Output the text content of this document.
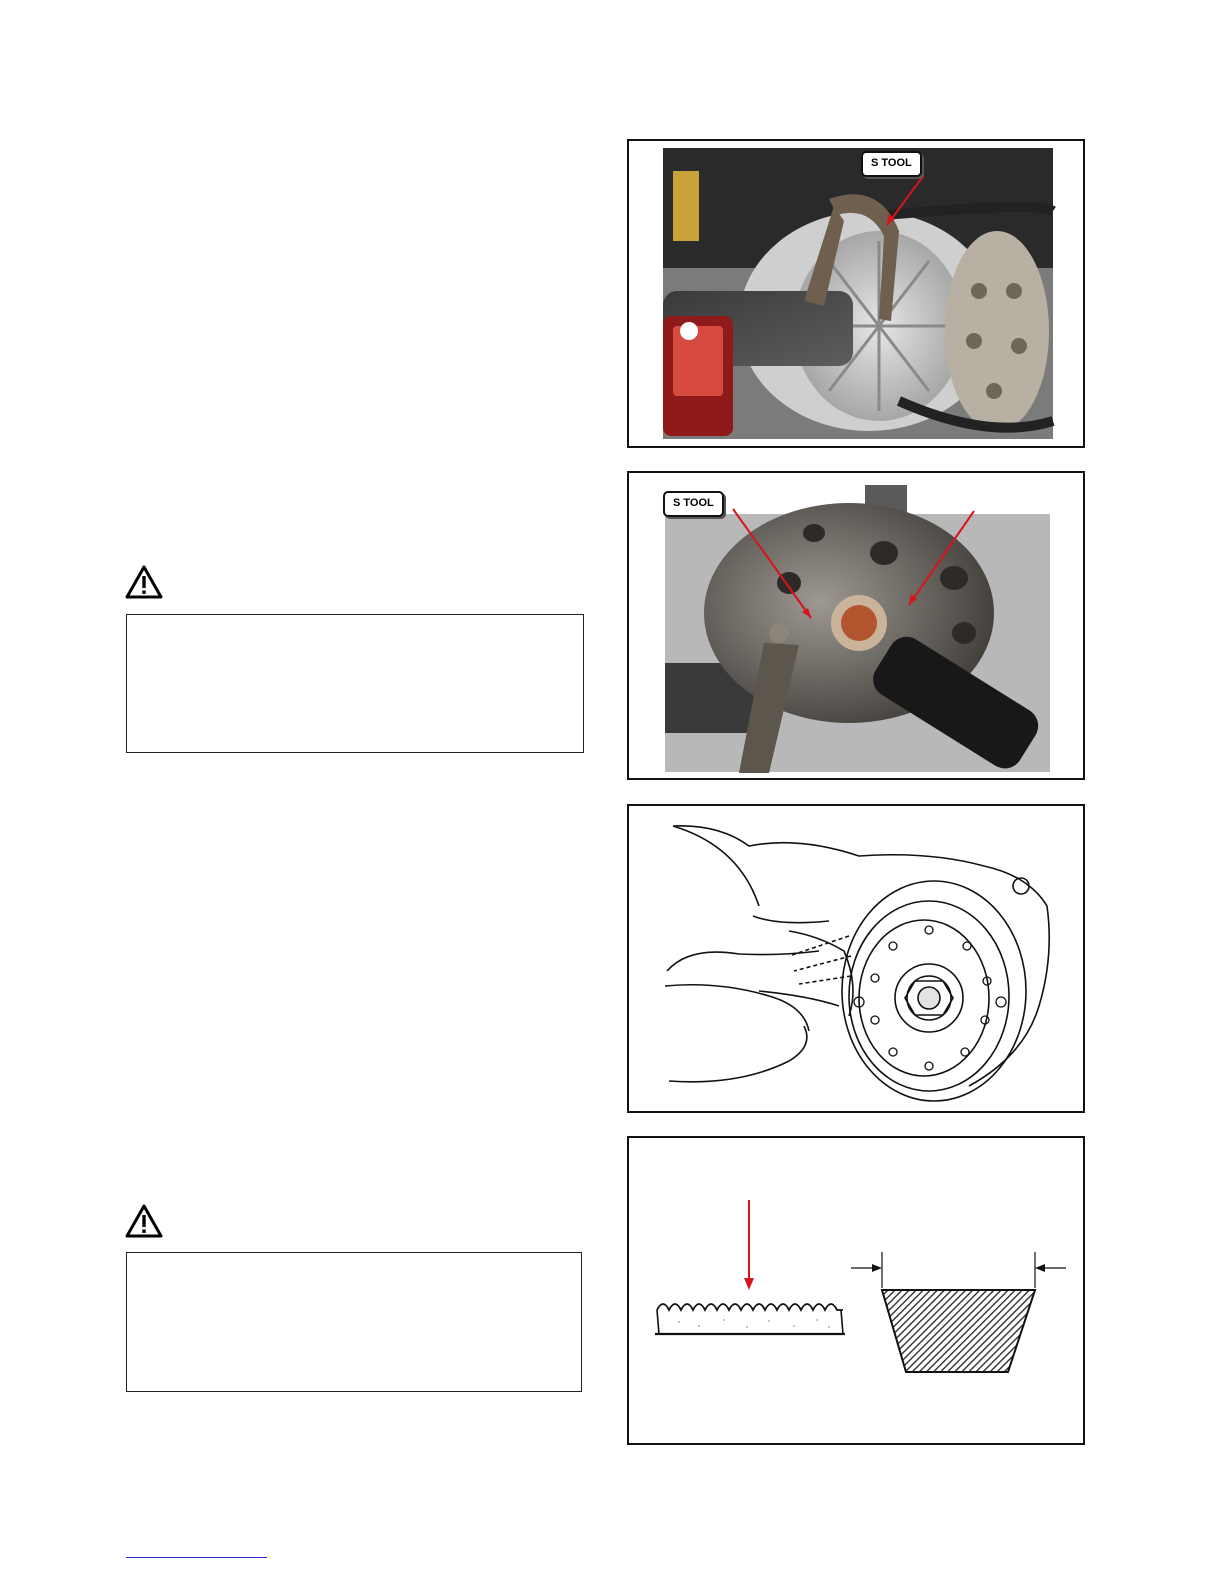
S TOOL
S TOOL
